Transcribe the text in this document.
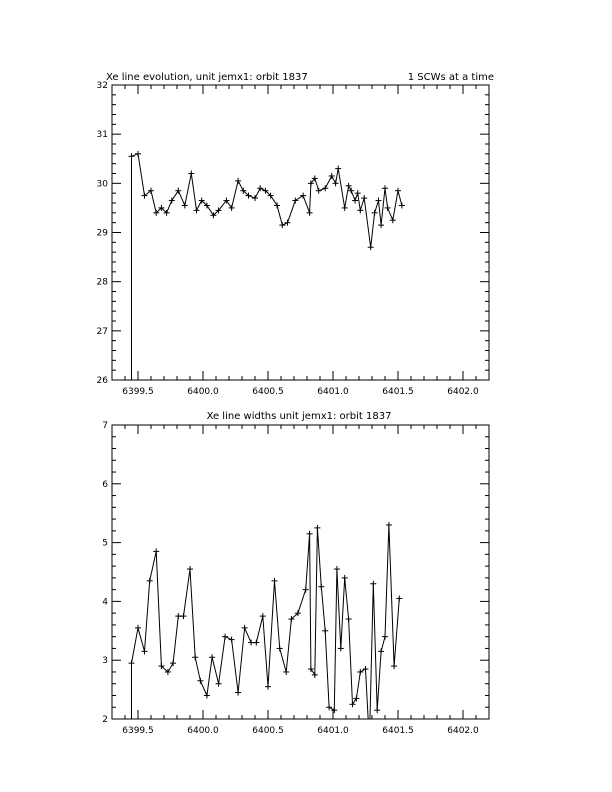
Xe line evolution, unit jemx1: orbit 1837	1 SCWs at a time
6399.5	6400.0	6400.5	6401.0	6401.5	6402.0
26
27
28
29
30
31
32
Xe line widths unit jemx1: orbit 1837
6399.5	6400.0	6400.5	6401.0	6401.5	6402.0
2
3
4
5
6
7
